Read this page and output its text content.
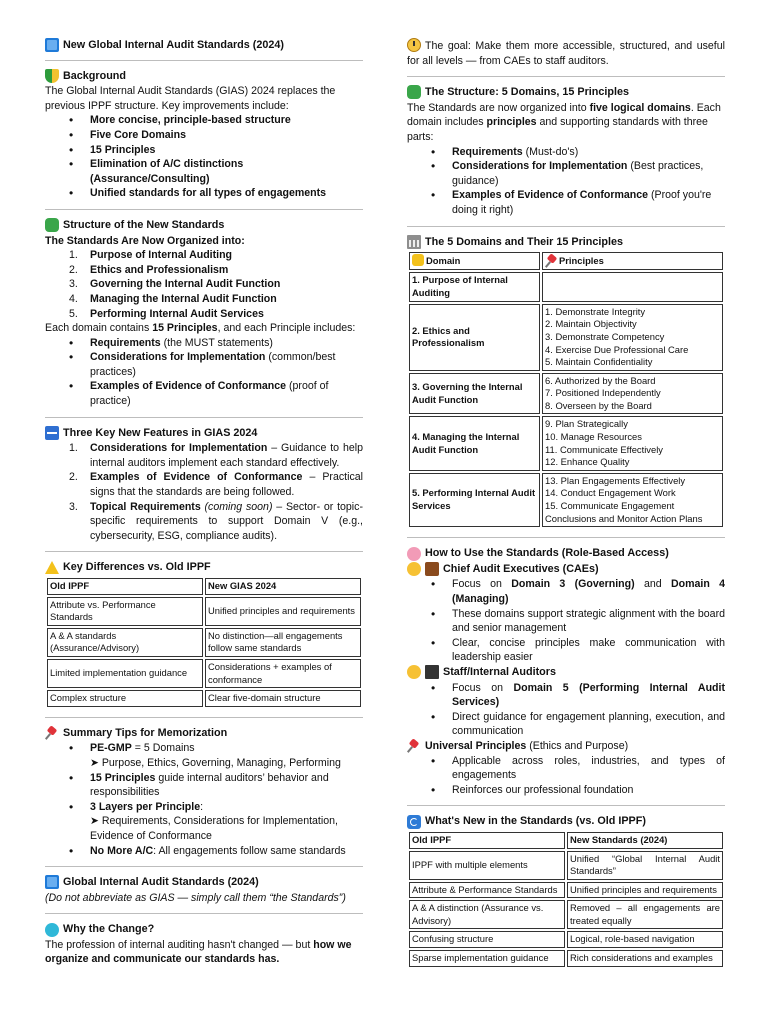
New Global Internal Audit Standards (2024)
Background

The Global Internal Audit Standards (GIAS) 2024 replaces the previous IPPF structure. Key improvements include:

• More concise, principle-based structure
• Five Core Domains
• 15 Principles
• Elimination of A/C distinctions (Assurance/Consulting)
• Unified standards for all types of engagements
Structure of the New Standards

The Standards Are Now Organized into:

1. Purpose of Internal Auditing
2. Ethics and Professionalism
3. Governing the Internal Audit Function
4. Managing the Internal Audit Function
5. Performing Internal Audit Services

Each domain contains 15 Principles, and each Principle includes:

• Requirements (the MUST statements)
• Considerations for Implementation (common/best practices)
• Examples of Evidence of Conformance (proof of practice)
Three Key New Features in GIAS 2024
1. Considerations for Implementation – Guidance to help internal auditors implement each standard effectively.
2. Examples of Evidence of Conformance – Practical signs that the standards are being followed.
3. Topical Requirements (coming soon) – Sector- or topic-specific requirements to support Domain V (e.g., cybersecurity, ESG, compliance audits).
Key Differences vs. Old IPPF
Old IPPF	New GIAS 2024
Attribute vs. Performance Standards	Unified principles and requirements
A & A standards (Assurance/Advisory)	No distinction—all engagements follow same standards
Limited implementation guidance	Considerations + examples of conformance
Complex structure	Clear five-domain structure
Summary Tips for Memorization
• PE-GMP = 5 Domains

➤ Purpose, Ethics, Governing, Managing, Performing

• 15 Principles guide internal auditors’ behavior and responsibilities
• 3 Layers per Principle:

➤ Requirements, Considerations for Implementation, Evidence of Conformance

• No More A/C: All engagements follow same standards
Global Internal Audit Standards (2024)

(Do not abbreviate as GIAS — simply call them “the Standards”)

Why the Change?

The profession of internal auditing hasn't changed — but how we organize and communicate our standards has.

The goal: Make them more accessible, structured, and useful for all levels — from CAEs to staff auditors.

The Structure: 5 Domains, 15 Principles

The Standards are now organized into five logical domains. Each domain includes principles and supporting standards with three parts:

• Requirements (Must-do's)
• Considerations for Implementation (Best practices, guidance)
• Examples of Evidence of Conformance (Proof you're doing it right)
The 5 Domains and Their 15 Principles
Domain	Principles
1. Purpose of Internal Auditing	
2. Ethics and Professionalism	1. Demonstrate Integrity
2. Maintain Objectivity
3. Demonstrate Competency
4. Exercise Due Professional Care
5. Maintain Confidentiality

3. Governing the Internal Audit Function	6. Authorized by the Board
7. Positioned Independently
8. Overseen by the Board

4. Managing the Internal Audit Function	9. Plan Strategically
10. Manage Resources
11. Communicate Effectively
12. Enhance Quality

5. Performing Internal Audit Services	13. Plan Engagements Effectively
14. Conduct Engagement Work
15. Communicate Engagement Conclusions and Monitor Action Plans
How to Use the Standards (Role-Based Access)
Chief Audit Executives (CAEs)
• Focus on Domain 3 (Governing) and Domain 4 (Managing)
• These domains support strategic alignment with the board and senior management
• Clear, concise principles make communication with leadership easier
Staff/Internal Auditors
• Focus on Domain 5 (Performing Internal Audit Services)
• Direct guidance for engagement planning, execution, and communication

Universal Principles (Ethics and Purpose)

• Applicable across roles, industries, and types of engagements
• Reinforces our professional foundation
What's New in the Standards (vs. Old IPPF)
Old IPPF	New Standards (2024)
IPPF with multiple elements	Unified “Global Internal Audit Standards”
Attribute & Performance Standards	Unified principles and requirements
A & A distinction (Assurance vs. Advisory)	Removed – all engagements are treated equally
Confusing structure	Logical, role-based navigation
Sparse implementation guidance	Rich considerations and examples
